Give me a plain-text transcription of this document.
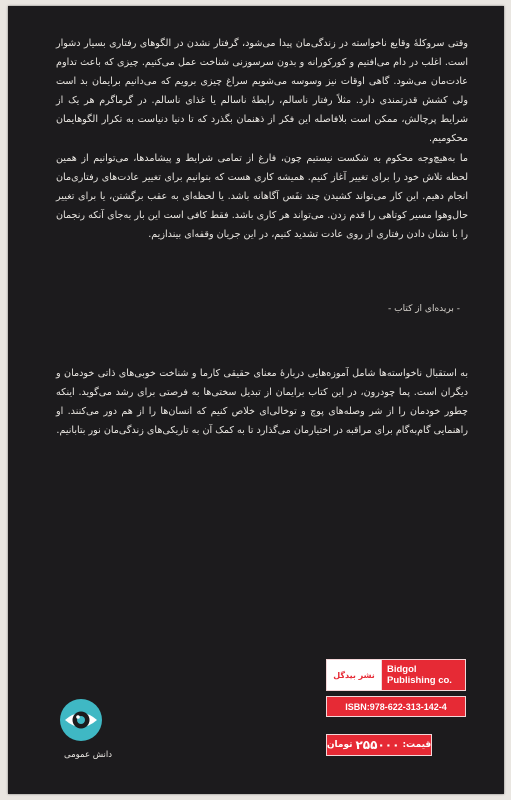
وقتی سروکلهٔ وقایع ناخواسته در زندگی‌مان پیدا می‌شود، گرفتار نشدن در الگوهای رفتاری بسیار دشوار است. اغلب در دام می‌افتیم و کورکورانه و بدون سرسوزنی شناخت عمل می‌کنیم. چیزی که باعث تداوم عادت‌مان می‌شود. گاهی اوقات نیز وسوسه می‌شویم سراغ چیزی برویم که می‌دانیم برایمان بد است ولی کشش قدرتمندی دارد. مثلاً رفتار ناسالم، رابطهٔ ناسالم یا غذای ناسالم. در گرماگرم هر یک از شرایط پرچالش، ممکن است بلافاصله این فکر از ذهنمان بگذرد که تا دنیا دنیاست به تکرار الگوهایمان محکومیم.

ما به‌هیچ‌وجه محکوم به شکست نیستیم چون، فارغ از تمامی شرایط و پیشامدها، می‌توانیم از همین لحظه تلاش خود را برای تغییر آغاز کنیم. همیشه کاری هست که بتوانیم برای تغییر عادت‌های رفتاری‌مان انجام دهیم. این کار می‌تواند کشیدن چند نفَس آگاهانه باشد. یا لحظه‌ای به عقب برگشتن، یا برای تغییر حال‌وهوا مسیر کوتاهی را قدم زدن. می‌تواند هر کاری باشد. فقط کافی است این بار به‌جای آنکه رنجمان را با نشان دادن رفتاری از روی عادت تشدید کنیم، در این جریان وقفه‌ای بیندازیم.

- بریده‌ای از کتاب -

به استقبال ناخواسته‌ها شامل آموزه‌هایی دربارهٔ معنای حقیقی کارما و شناخت خوبی‌های ذاتی خودمان و دیگران است. پما چودرون، در این کتاب برایمان از تبدیل سختی‌ها به فرصتی برای رشد می‌گوید. اینکه چطور خودمان را از شر وصله‌های پوچ و توخالی‌ای خلاص کنیم که انسان‌ها را از هم دور می‌کنند. او راهنمایی گام‌به‌گام برای مراقبه در اختیارمان می‌گذارد تا به کمک آن به تاریکی‌های زندگی‌مان نور بتابانیم.

نشر بیدگل	Bidgol Publishing co.
ISBN:978-622-313-142-4
قیمت:
۲۵۵۰۰۰
تومان
دانش عمومی
